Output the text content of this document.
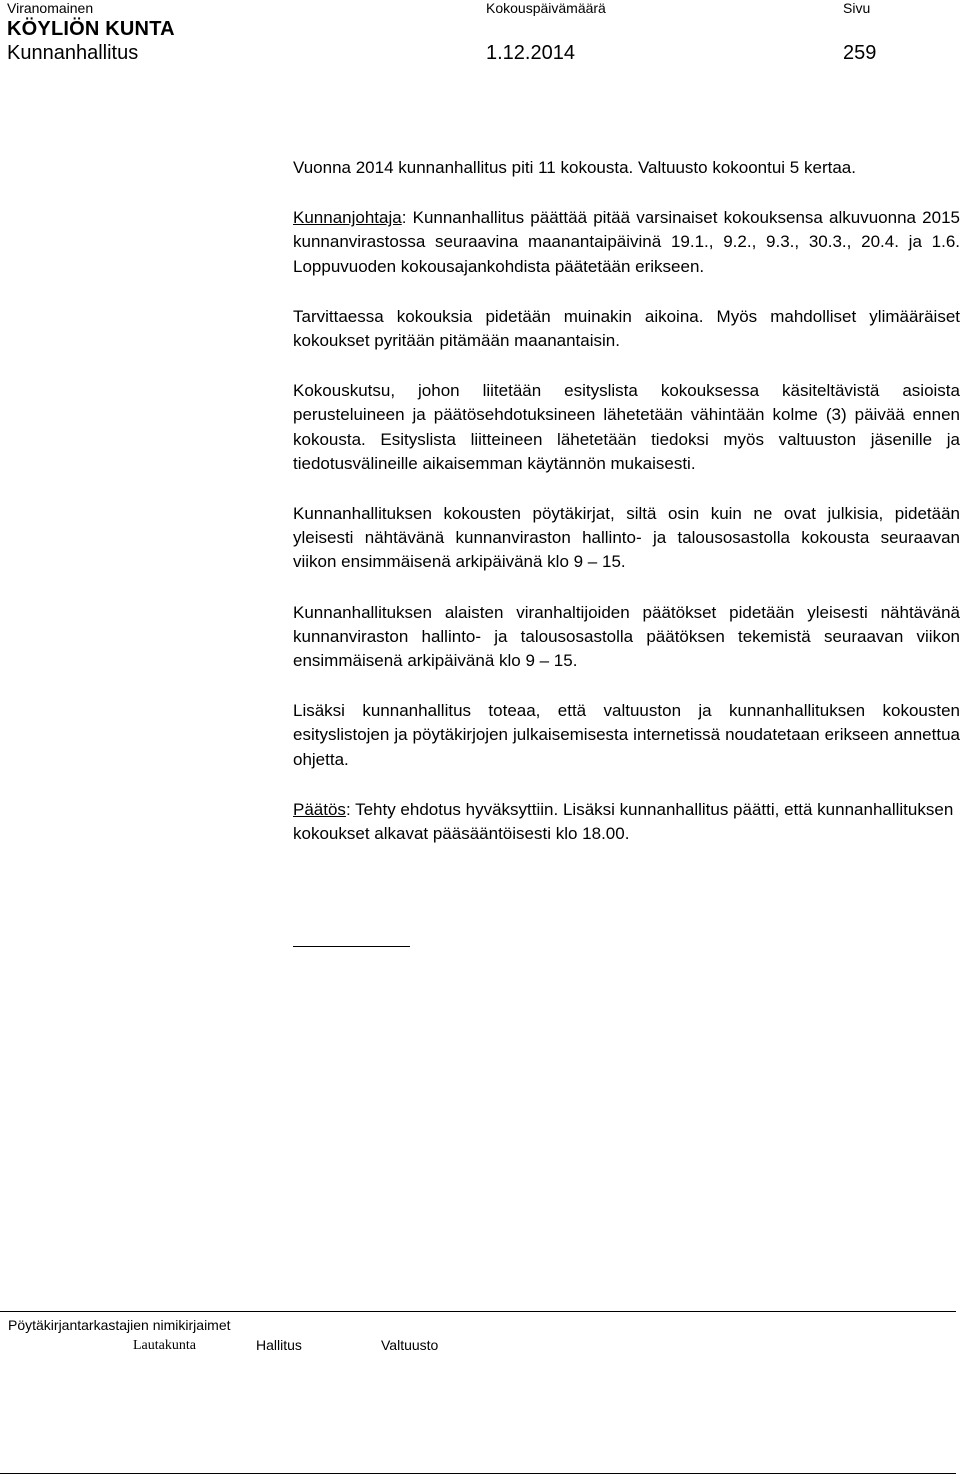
Viranomainen	Kokouspäivämäärä	Sivu
KÖYLIÖN KUNTA
Kunnanhallitus	1.12.2014	259

Vuonna 2014 kunnanhallitus piti 11 kokousta. Valtuusto kokoontui 5 kertaa.

Kunnanjohtaja: Kunnanhallitus päättää pitää varsinaiset kokouksensa alkuvuonna 2015 kunnanvirastossa seuraavina maanantaipäivinä 19.1., 9.2., 9.3., 30.3., 20.4. ja 1.6. Loppuvuoden kokousajankohdista päätetään erikseen.

Tarvittaessa kokouksia pidetään muinakin aikoina. Myös mahdolliset ylimääräiset kokoukset pyritään pitämään maanantaisin.

Kokouskutsu, johon liitetään esityslista kokouksessa käsiteltävistä asioista perusteluineen ja päätösehdotuksineen lähetetään vähintään kolme (3) päivää ennen kokousta. Esityslista liitteineen lähetetään tiedoksi myös valtuuston jäsenille ja tiedotusvälineille aikaisemman käytännön mukaisesti.

Kunnanhallituksen kokousten pöytäkirjat, siltä osin kuin ne ovat julkisia, pidetään yleisesti nähtävänä kunnanviraston hallinto- ja talousosastolla kokousta seuraavan viikon ensimmäisenä arkipäivänä klo 9 – 15.

Kunnanhallituksen alaisten viranhaltijoiden päätökset pidetään yleisesti nähtävänä kunnanviraston hallinto- ja talousosastolla päätöksen tekemistä seuraavan viikon ensimmäisenä arkipäivänä klo 9 – 15.

Lisäksi kunnanhallitus toteaa, että valtuuston ja kunnanhallituksen kokousten esityslistojen ja pöytäkirjojen julkaisemisesta internetissä noudatetaan erikseen annettua ohjetta.

Päätös: Tehty ehdotus hyväksyttiin. Lisäksi kunnanhallitus päätti, että kunnanhallituksen kokoukset alkavat pääsääntöisesti klo 18.00.

Pöytäkirjantarkastajien nimikirjaimet
Lautakunta	Hallitus	Valtuusto
